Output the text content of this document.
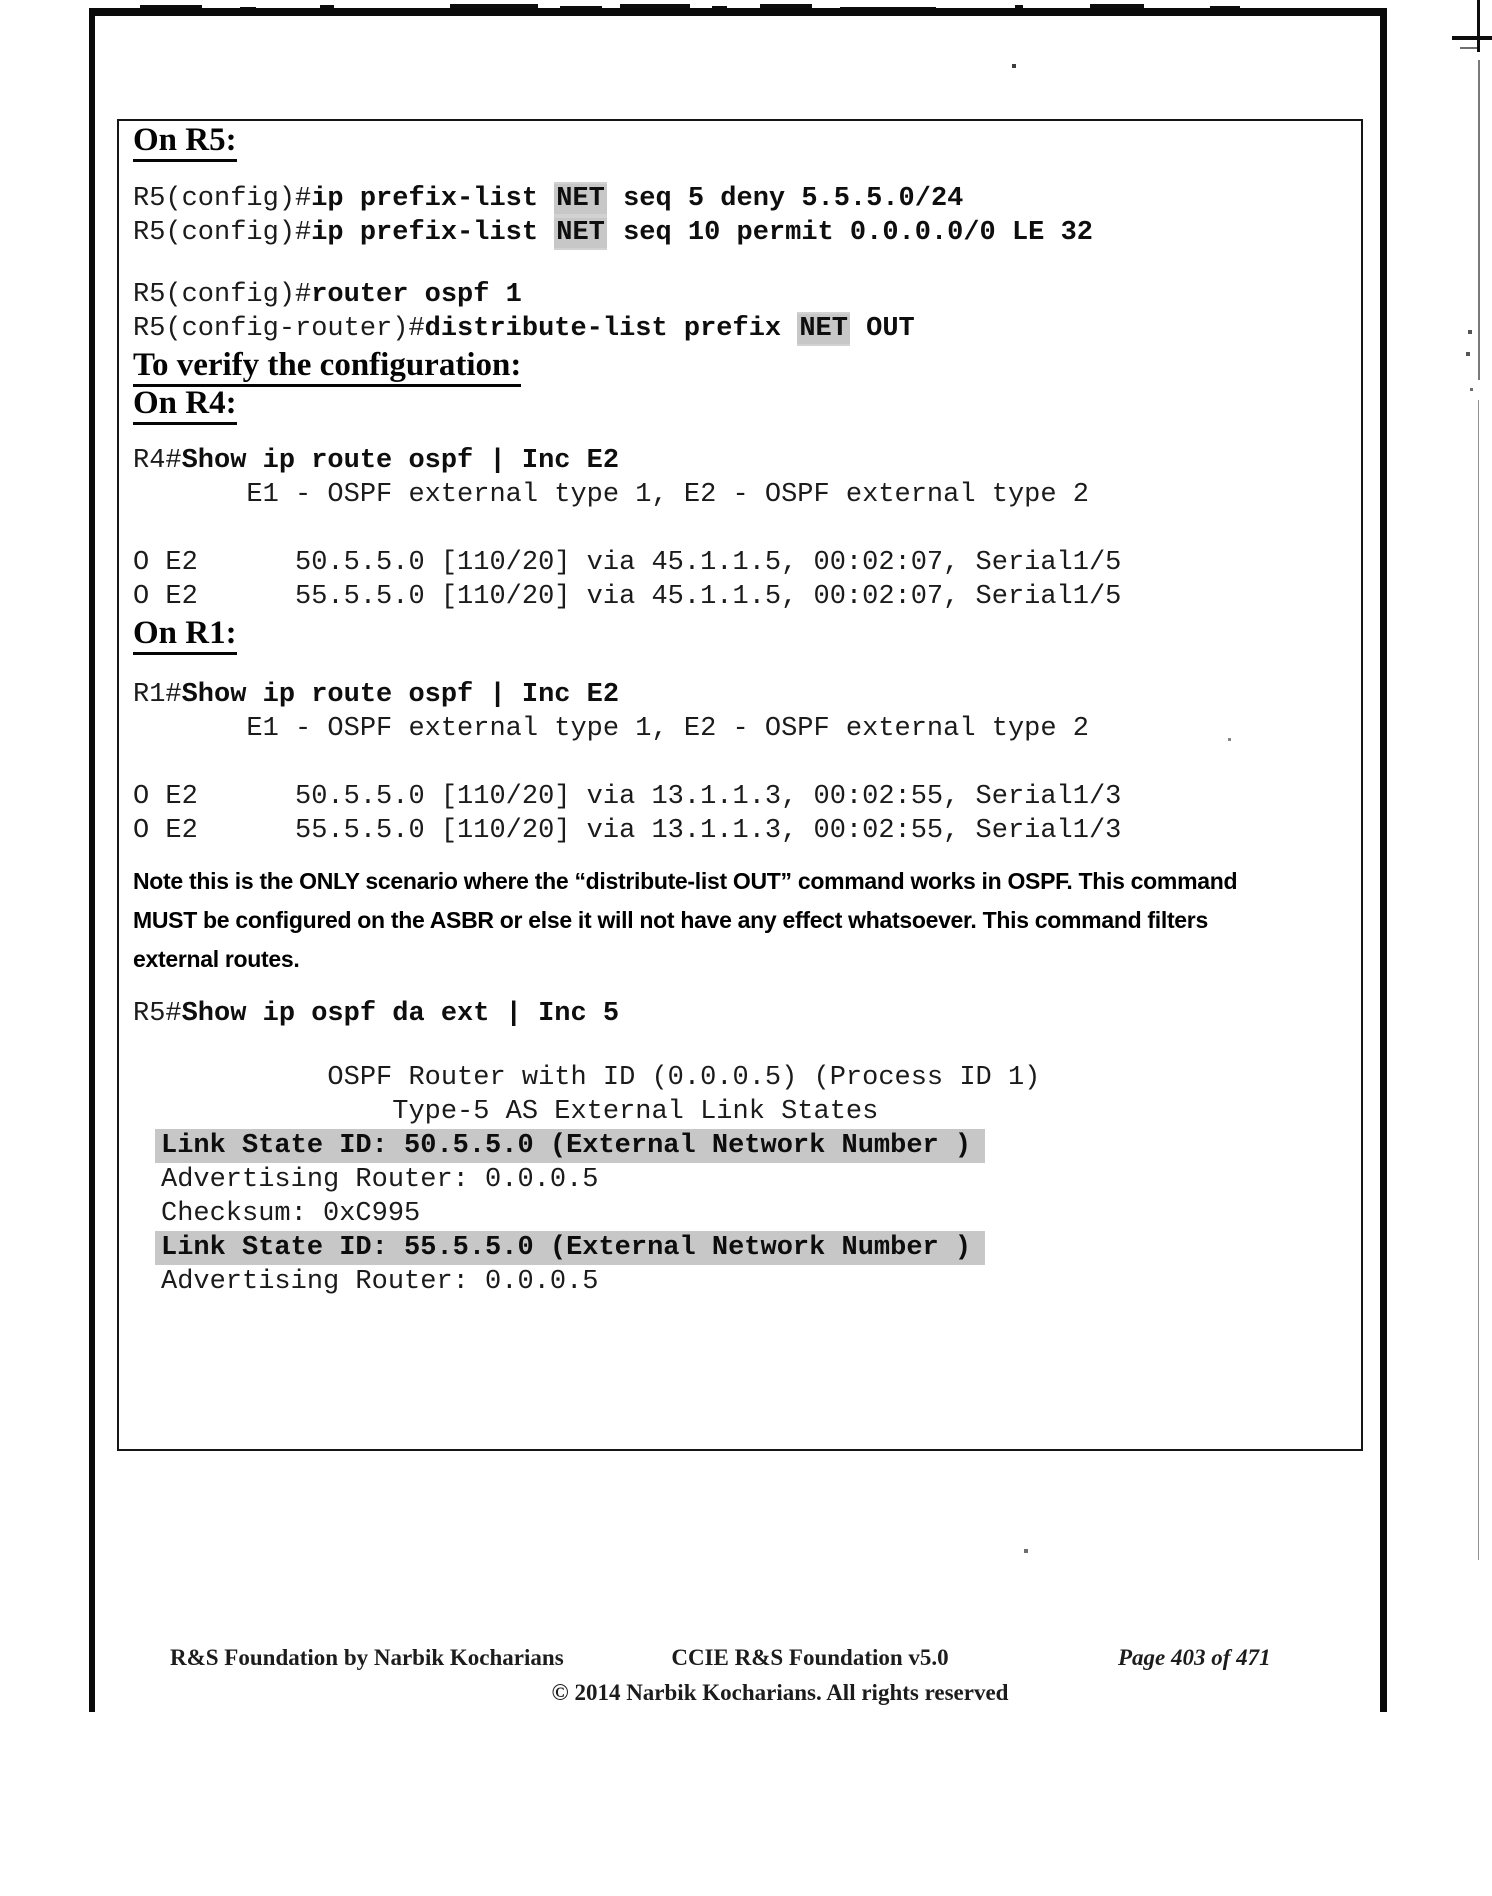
On R5:
R5(config)#ip prefix-list NET seq 5 deny 5.5.5.0/24
R5(config)#ip prefix-list NET seq 10 permit 0.0.0.0/0 LE 32
R5(config)#router ospf 1
R5(config-router)#distribute-list prefix NET OUT
To verify the configuration:
On R4:
R4#Show ip route ospf | Inc E2
E1 - OSPF external type 1, E2 - OSPF external type 2
O E2      50.5.5.0 [110/20] via 45.1.1.5, 00:02:07, Serial1/5
O E2      55.5.5.0 [110/20] via 45.1.1.5, 00:02:07, Serial1/5
On R1:
R1#Show ip route ospf | Inc E2
E1 - OSPF external type 1, E2 - OSPF external type 2
O E2      50.5.5.0 [110/20] via 13.1.1.3, 00:02:55, Serial1/3
O E2      55.5.5.0 [110/20] via 13.1.1.3, 00:02:55, Serial1/3
Note this is the ONLY scenario where the “distribute-list OUT” command works in OSPF. This command
MUST be configured on the ASBR or else it will not have any effect whatsoever. This command filters
external routes.
R5#Show ip ospf da ext | Inc 5
OSPF Router with ID (0.0.0.5) (Process ID 1)
Type-5 AS External Link States
Link State ID: 50.5.5.0 (External Network Number )
Advertising Router: 0.0.0.5
Checksum: 0xC995
Link State ID: 55.5.5.0 (External Network Number )
Advertising Router: 0.0.0.5
R&S Foundation by Narbik Kocharians	CCIE R&S Foundation v5.0	Page 403 of 471
© 2014 Narbik Kocharians. All rights reserved
